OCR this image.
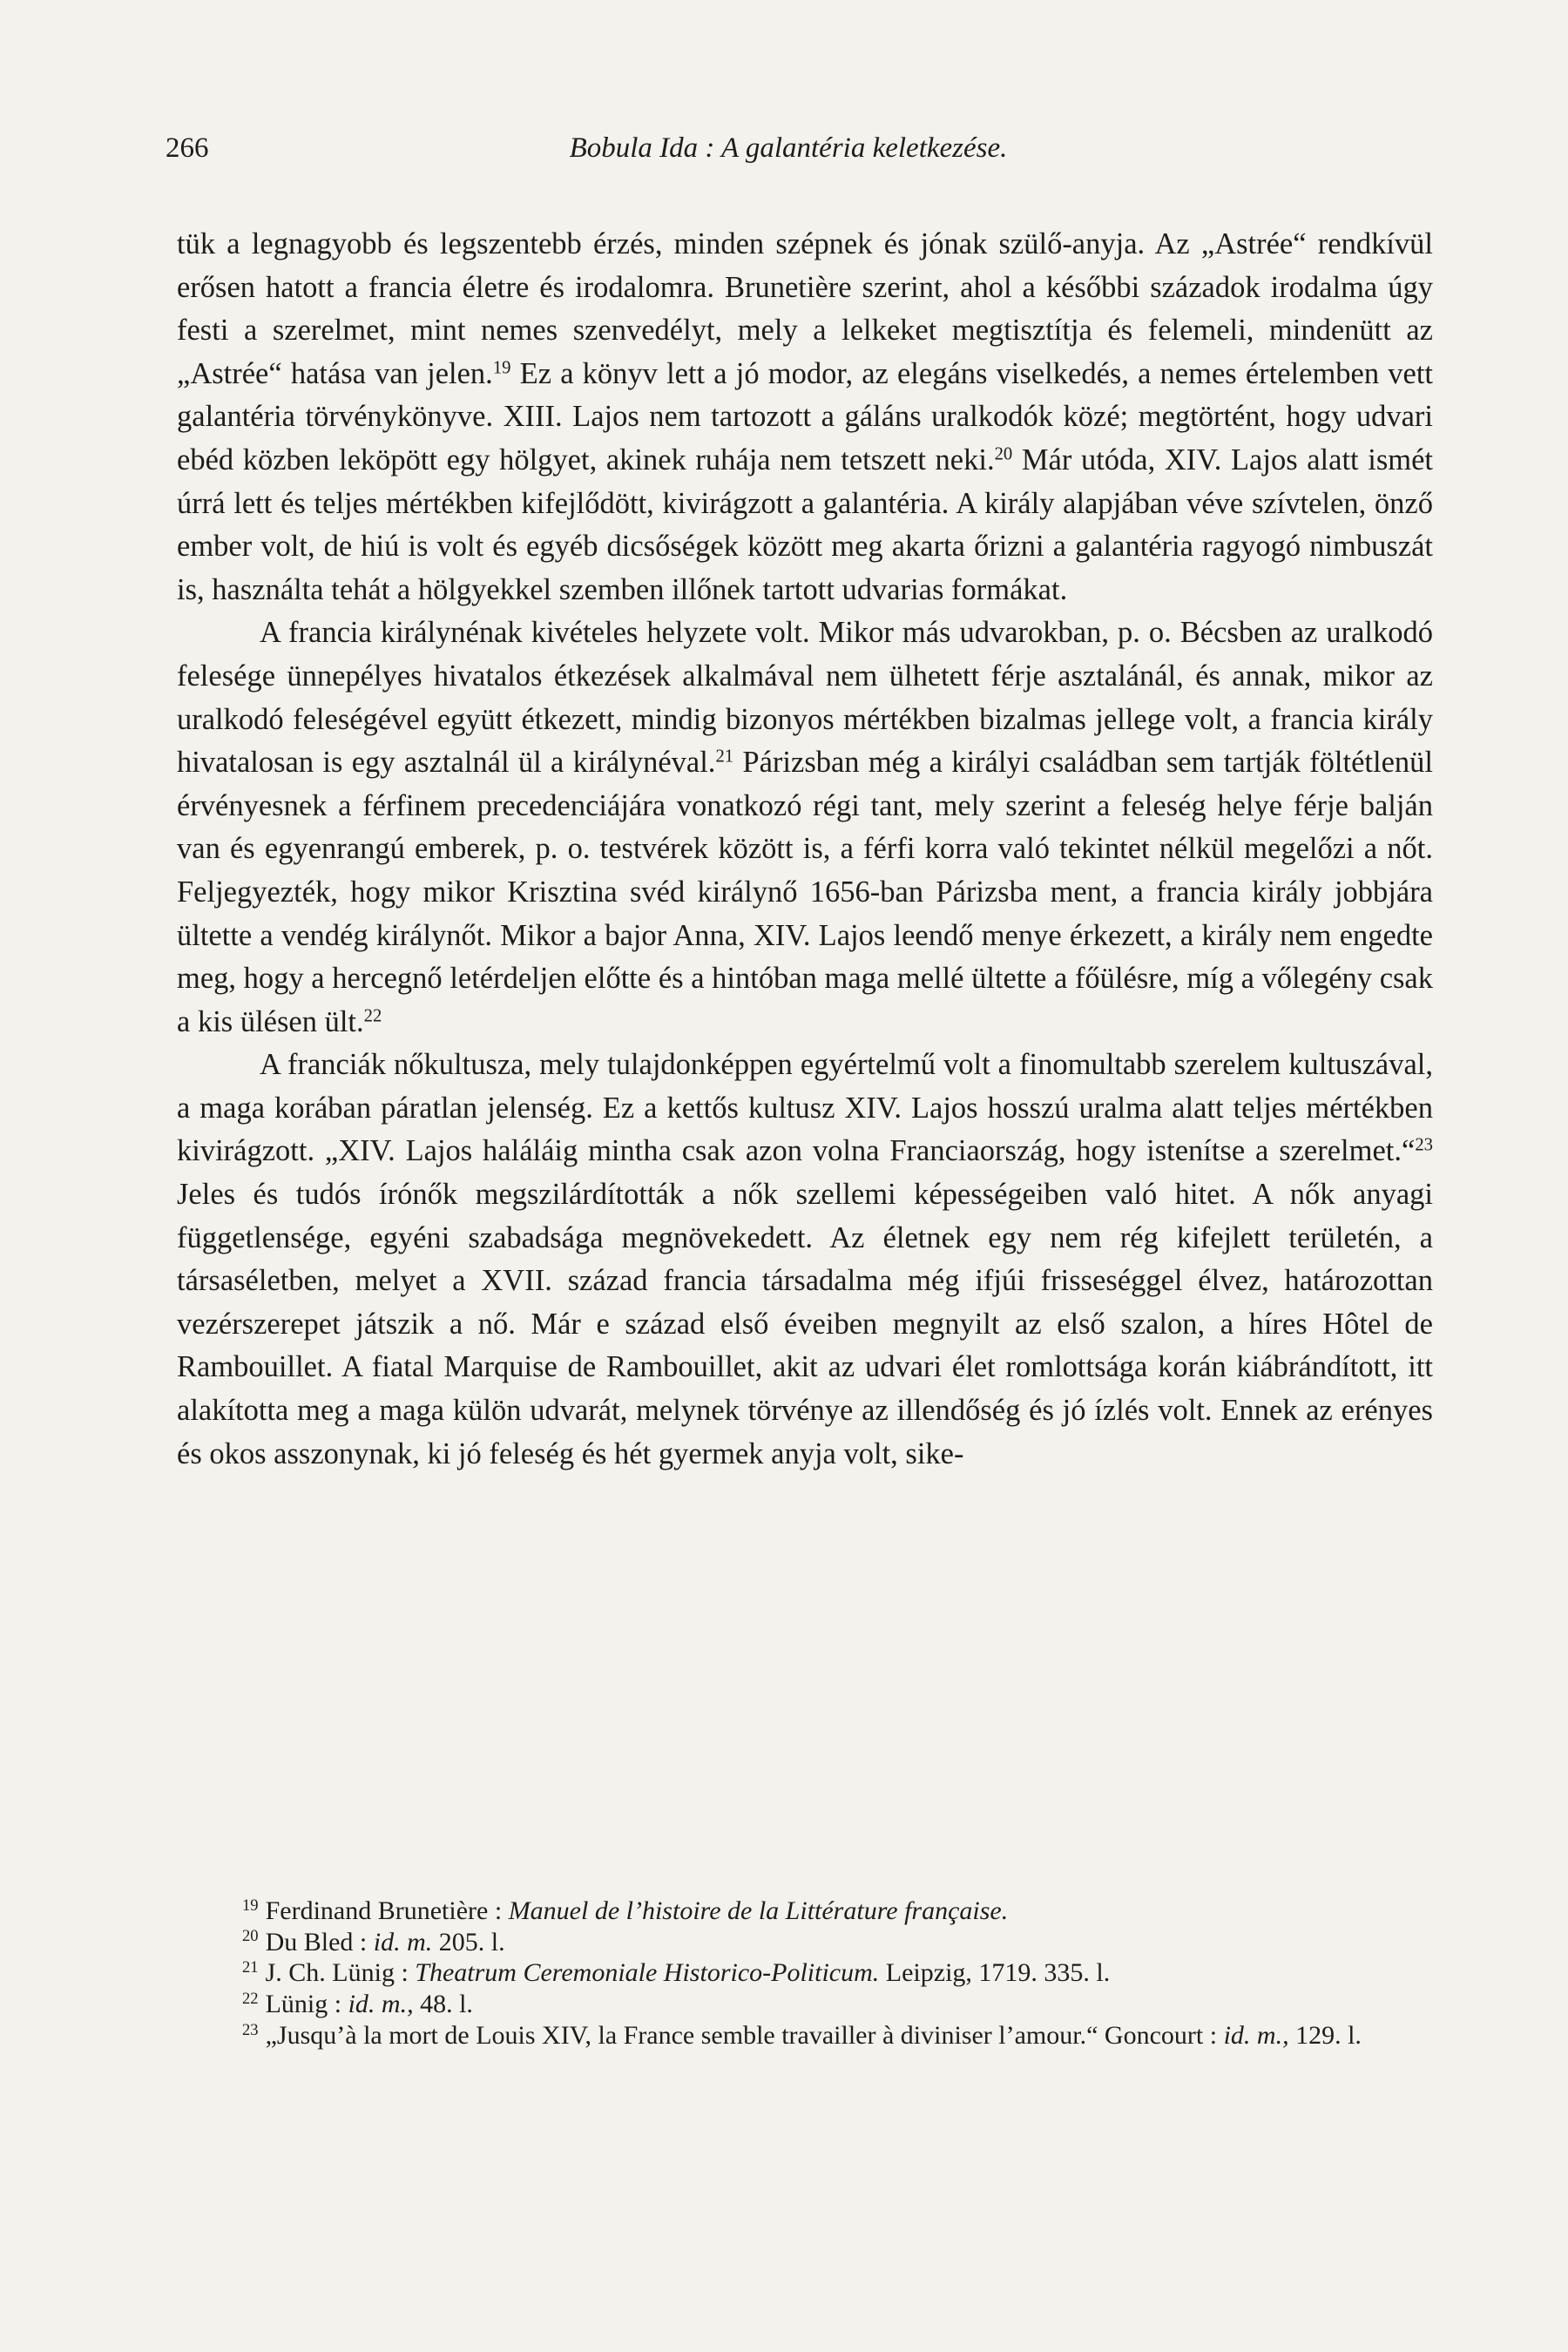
266	Bobula Ida : A galantéria keletkezése.

tük a legnagyobb és legszentebb érzés, minden szépnek és jónak szülő-anyja. Az „Astrée“ rendkívül erősen hatott a francia életre és irodalomra. Brunetière szerint, ahol a későbbi századok irodalma úgy festi a szerelmet, mint nemes szenvedélyt, mely a lelkeket megtisztítja és felemeli, mindenütt az „Astrée“ hatása van jelen.$^{19}$ Ez a könyv lett a jó modor, az elegáns viselkedés, a nemes értelemben vett galantéria törvénykönyve. XIII. Lajos nem tartozott a gáláns uralkodók közé; megtörtént, hogy udvari ebéd közben leköpött egy hölgyet, akinek ruhája nem tetszett neki.$^{20}$ Már utóda, XIV. Lajos alatt ismét úrrá lett és teljes mértékben kifejlődött, kivirágzott a galantéria. A király alapjában véve szívtelen, önző ember volt, de hiú is volt és egyéb dicsőségek között meg akarta őrizni a galantéria ragyogó nimbuszát is, használta tehát a hölgyekkel szemben illőnek tartott udvarias formákat.

A francia királynénak kivételes helyzete volt. Mikor más udvarokban, p. o. Bécsben az uralkodó felesége ünnepélyes hivatalos étkezések alkalmával nem ülhetett férje asztalánál, és annak, mikor az uralkodó feleségével együtt étkezett, mindig bizonyos mértékben bizalmas jellege volt, a francia király hivatalosan is egy asztalnál ül a királynéval.$^{21}$ Párizsban még a királyi családban sem tartják föltétlenül érvényesnek a férfinem precedenciájára vonatkozó régi tant, mely szerint a feleség helye férje balján van és egyenrangú emberek, p. o. testvérek között is, a férfi korra való tekintet nélkül megelőzi a nőt. Feljegyezték, hogy mikor Krisztina svéd királynő 1656-ban Párizsba ment, a francia király jobbjára ültette a vendég királynőt. Mikor a bajor Anna, XIV. Lajos leendő menye érkezett, a király nem engedte meg, hogy a hercegnő letérdeljen előtte és a hintóban maga mellé ültette a főülésre, míg a vőlegény csak a kis ülésen ült.$^{22}$

A franciák nőkultusza, mely tulajdonképpen egyértelmű volt a finomultabb szerelem kultuszával, a maga korában páratlan jelenség. Ez a kettős kultusz XIV. Lajos hosszú uralma alatt teljes mértékben kivirágzott. „XIV. Lajos haláláig mintha csak azon volna Franciaország, hogy istenítse a szerelmet.“$^{23}$ Jeles és tudós írónők megszilárdították a nők szellemi képességeiben való hitet. A nők anyagi függetlensége, egyéni szabadsága megnövekedett. Az életnek egy nem rég kifejlett területén, a társaséletben, melyet a XVII. század francia társadalma még ifjúi frisseséggel élvez, határozottan vezérszerepet játszik a nő. Már e század első éveiben megnyilt az első szalon, a híres Hôtel de Rambouillet. A fiatal Marquise de Rambouillet, akit az udvari élet romlottsága korán kiábrándított, itt alakította meg a maga külön udvarát, melynek törvénye az illendőség és jó ízlés volt. Ennek az erényes és okos asszonynak, ki jó feleség és hét gyermek anyja volt, sike-

$^{19}$ Ferdinand Brunetière : Manuel de l’histoire de la Littérature française.

$^{20}$ Du Bled : id. m. 205. l.

$^{21}$ J. Ch. Lünig : Theatrum Ceremoniale Historico-Politicum. Leipzig, 1719. 335. l.

$^{22}$ Lünig : id. m., 48. l.

$^{23}$ „Jusqu’à la mort de Louis XIV, la France semble travailler à diviniser l’amour.“ Goncourt : id. m., 129. l.
